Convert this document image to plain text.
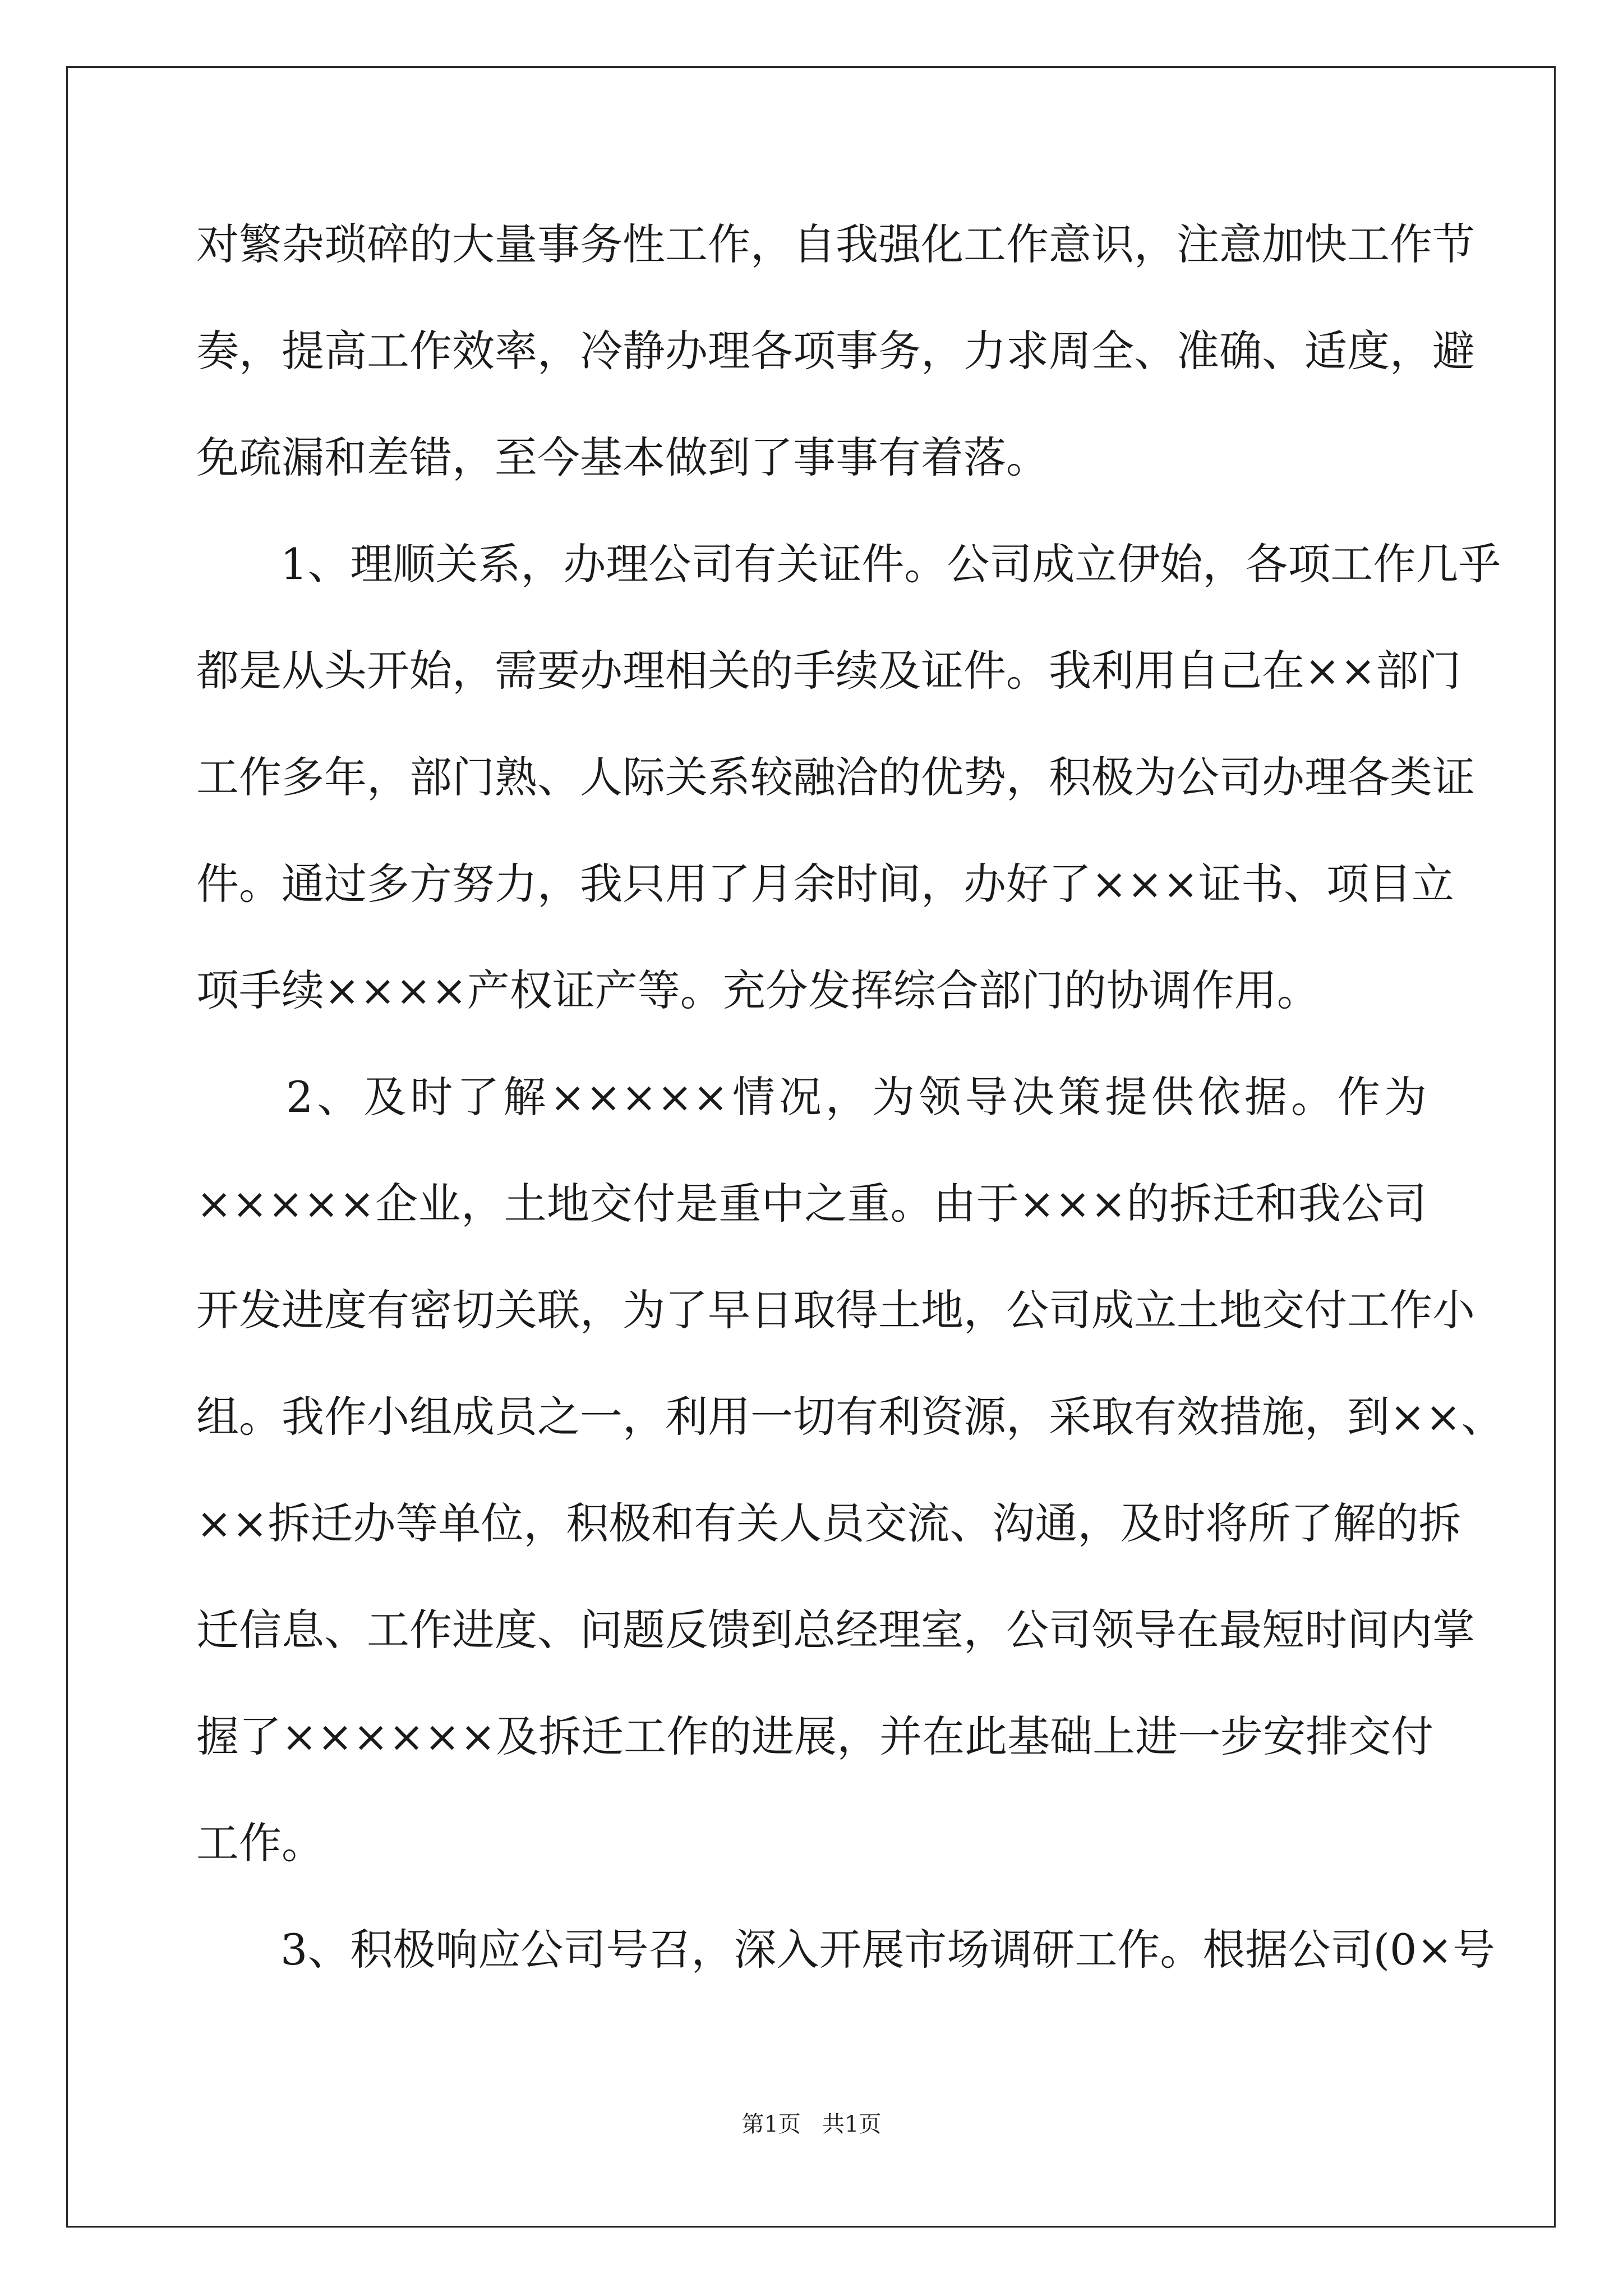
对繁杂琐碎的大量事务性工作，自我强化工作意识，注意加快工作节
奏，提高工作效率，冷静办理各项事务，力求周全、准确、适度，避
免疏漏和差错，至今基本做到了事事有着落。
1、理顺关系，办理公司有关证件。公司成立伊始，各项工作几乎
都是从头开始，需要办理相关的手续及证件。我利用自己在××部门
工作多年，部门熟、人际关系较融洽的优势，积极为公司办理各类证
件。通过多方努力，我只用了月余时间，办好了×××证书、项目立
项手续××××产权证产等。充分发挥综合部门的协调作用。
2、及时了解×××××情况，为领导决策提供依据。作为
×××××企业，土地交付是重中之重。由于×××的拆迁和我公司
开发进度有密切关联，为了早日取得土地，公司成立土地交付工作小
组。我作小组成员之一，利用一切有利资源，采取有效措施，到××、
××拆迁办等单位，积极和有关人员交流、沟通，及时将所了解的拆
迁信息、工作进度、问题反馈到总经理室，公司领导在最短时间内掌
握了××××××及拆迁工作的进展，并在此基础上进一步安排交付
工作。
3、积极响应公司号召，深入开展市场调研工作。根据公司(0×号
第1页   共1页
